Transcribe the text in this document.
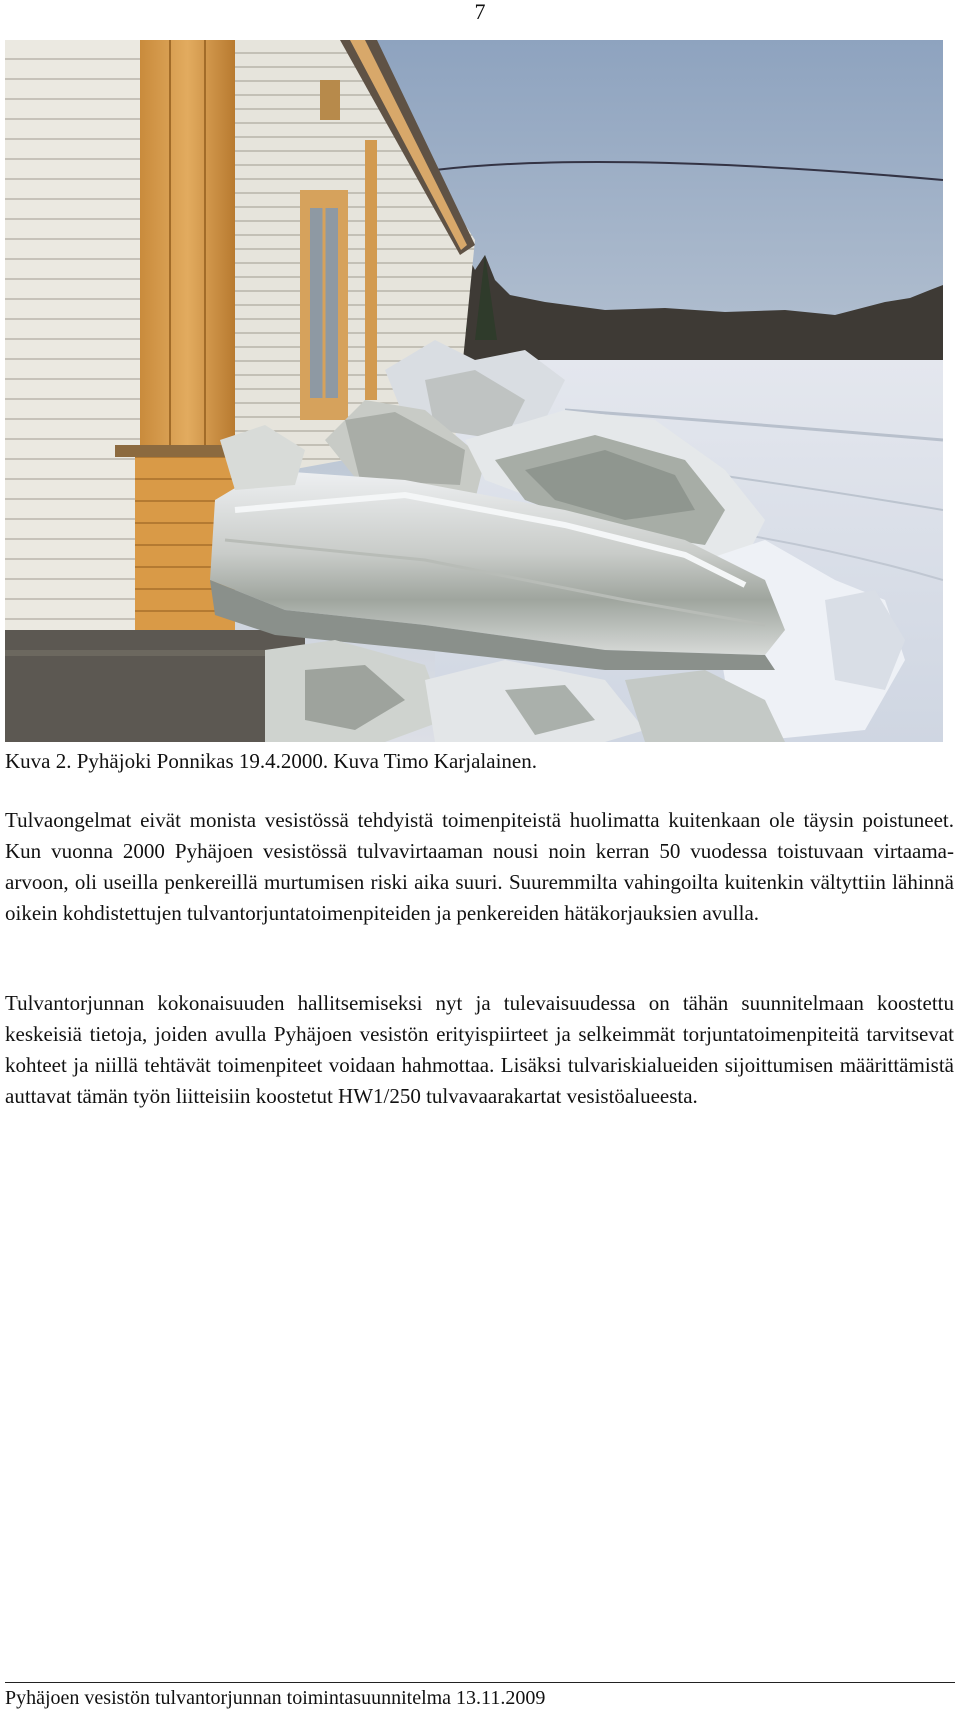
7

Kuva 2. Pyhäjoki Ponnikas 19.4.2000. Kuva Timo Karjalainen.

Tulvaongelmat eivät monista vesistössä tehdyistä toimenpiteistä huolimatta kuitenkaan ole täysin poistuneet. Kun vuonna 2000 Pyhäjoen vesistössä tulvavirtaaman nousi noin kerran 50 vuodessa toistuvaan virtaama-arvoon, oli useilla penkereillä murtumisen riski aika suuri. Suuremmilta vahingoilta kuitenkin vältyttiin lähinnä oikein kohdistettujen tulvantorjuntatoimenpiteiden ja penkereiden hätäkorjauksien avulla.

Tulvantorjunnan kokonaisuuden hallitsemiseksi nyt ja tulevaisuudessa on tähän suunnitelmaan koostettu keskeisiä tietoja, joiden avulla Pyhäjoen vesistön erityispiirteet ja selkeimmät torjuntatoimenpiteitä tarvitsevat kohteet ja niillä tehtävät toimenpiteet voidaan hahmottaa. Lisäksi tulvariskialueiden sijoittumisen määrittämistä auttavat tämän työn liitteisiin koostetut HW1/250 tulvavaarakartat vesistöalueesta.

Pyhäjoen vesistön tulvantorjunnan toimintasuunnitelma 13.11.2009
